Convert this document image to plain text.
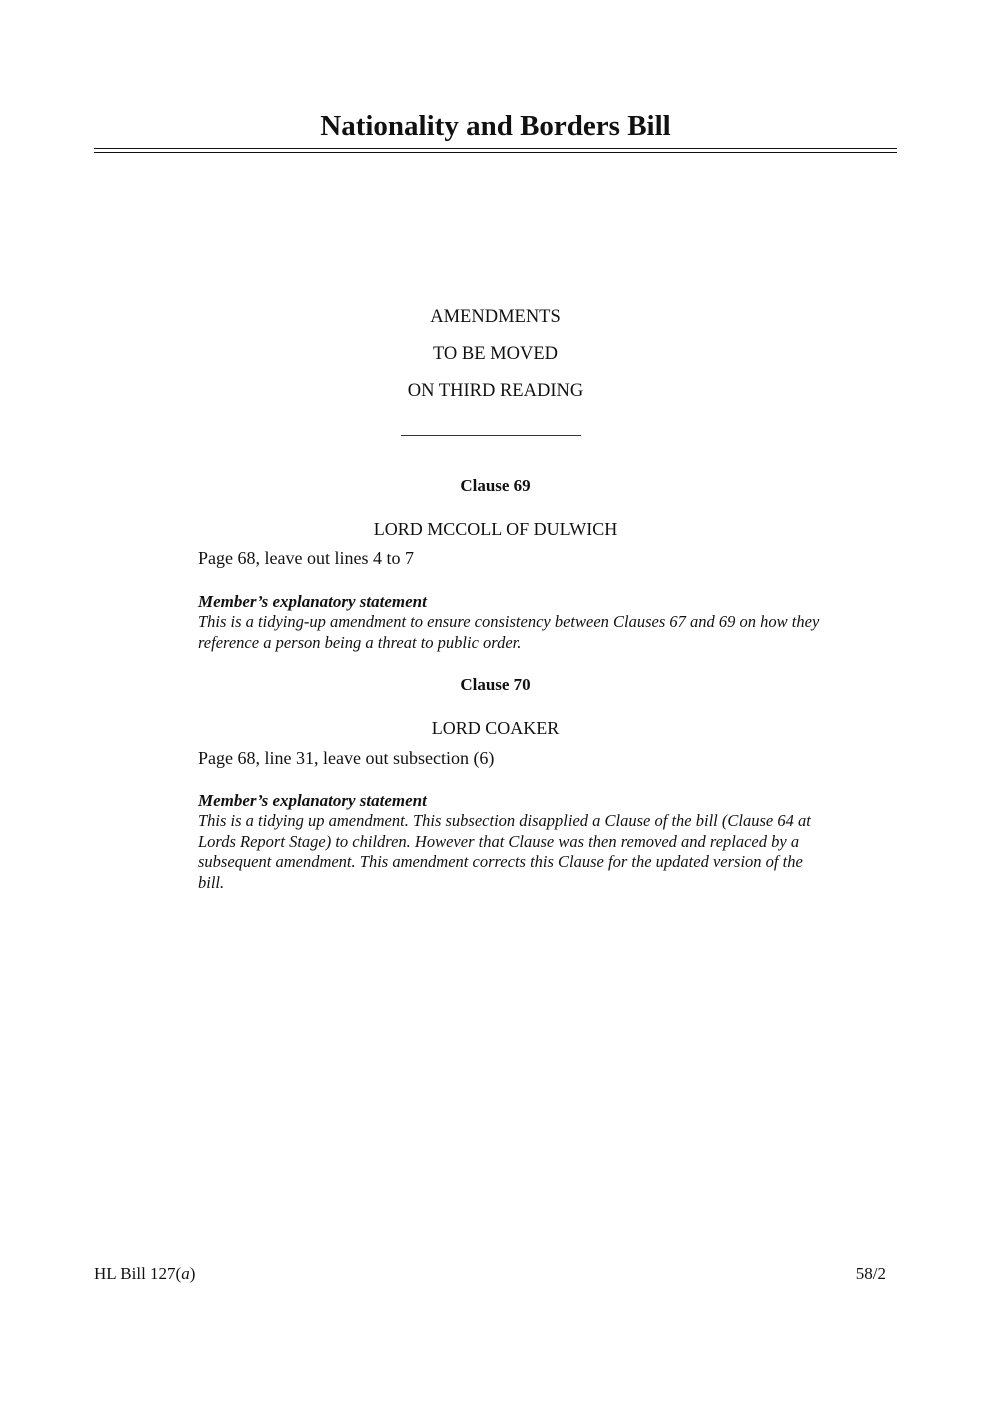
Nationality and Borders Bill
AMENDMENTS
TO BE MOVED
ON THIRD READING
Clause 69
LORD MCCOLL OF DULWICH
Page 68, leave out lines 4 to 7
Member’s explanatory statement
This is a tidying-up amendment to ensure consistency between Clauses 67 and 69 on how they
reference a person being a threat to public order.
Clause 70
LORD COAKER
Page 68, line 31, leave out subsection (6)
Member’s explanatory statement
This is a tidying up amendment. This subsection disapplied a Clause of the bill (Clause 64 at
Lords Report Stage) to children. However that Clause was then removed and replaced by a
subsequent amendment. This amendment corrects this Clause for the updated version of the
bill.
HL Bill 127(a)	58/2
